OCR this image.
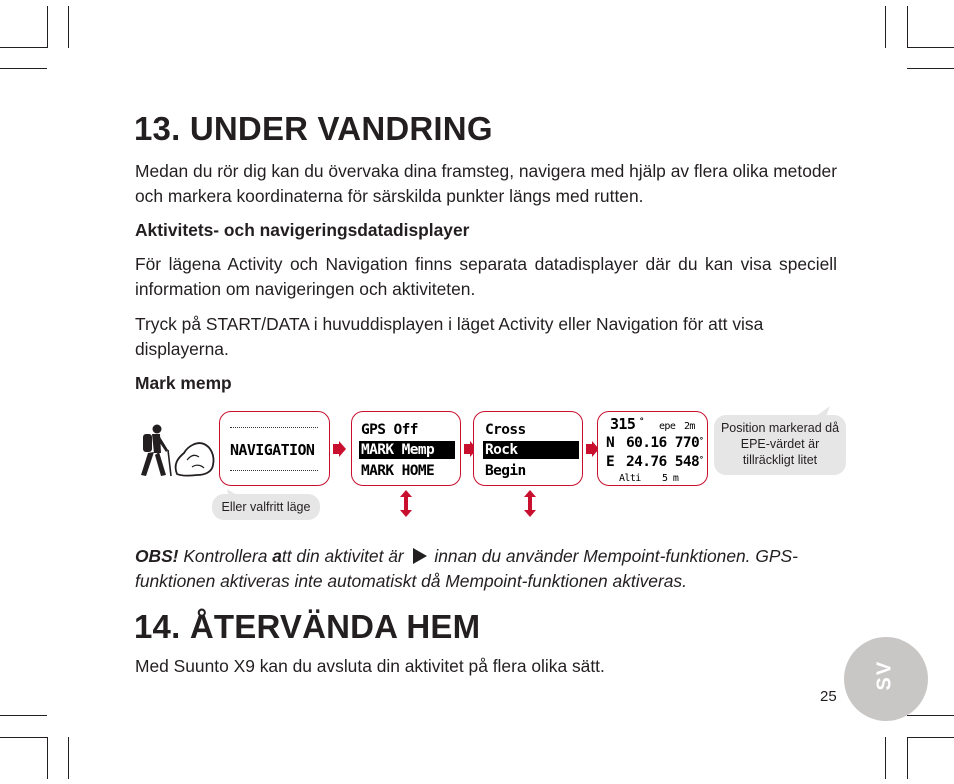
13. UNDER VANDRING
Medan du rör dig kan du övervaka dina framsteg, navigera med hjälp av flera olika metoder och markera koordinaterna för särskilda punkter längs med rutten.
Aktivitets- och navigeringsdatadisplayer
För lägena Activity och Navigation finns separata datadisplayer där du kan visa speciell information om navigeringen och aktiviteten.
Tryck på START/DATA i huvuddisplayen i läget Activity eller Navigation för att visa displayerna.
Mark memp
NAVIGATION
Eller valfritt läge
GPS Off
MARK Memp
MARK HOME
Cross
Rock
Begin
315 ° epe 2m
N 60.16 770 °
E 24.76 548 °
Alti 5 m
Position markerad då EPE-värdet är tillräckligt litet
OBS! Kontrollera att din aktivitet är  innan du använder Mempoint-funktionen. GPS-funktionen aktiveras inte automatiskt då Mempoint-funktionen aktiveras.
14. ÅTERVÄNDA HEM
Med Suunto X9 kan du avsluta din aktivitet på flera olika sätt.	SV
25
